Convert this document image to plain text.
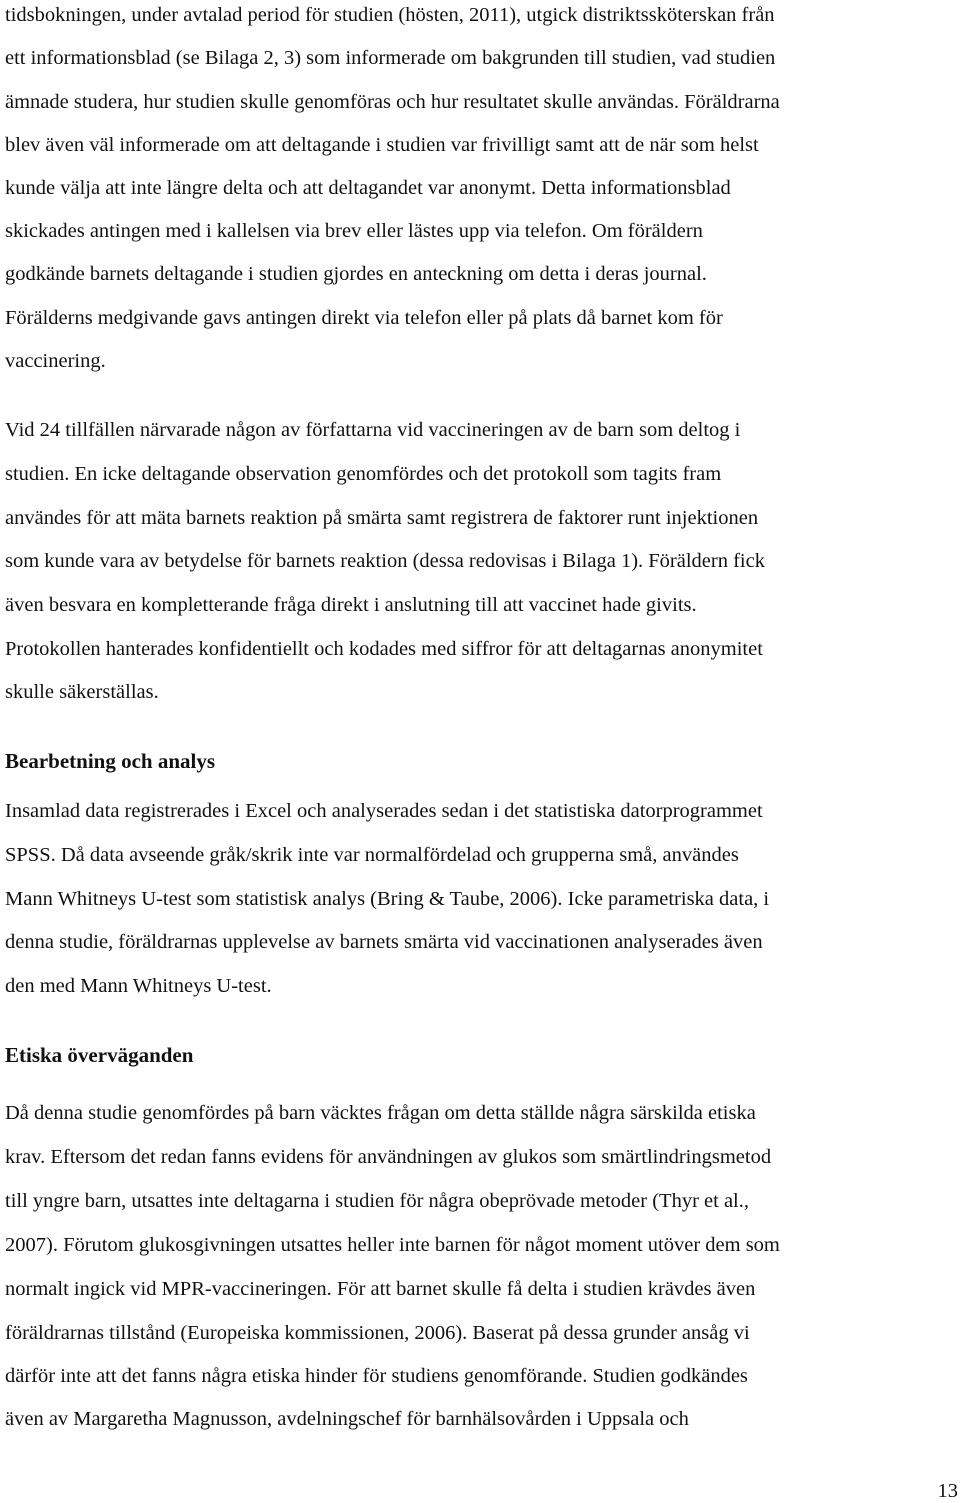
tidsbokningen, under avtalad period för studien (hösten, 2011), utgick distriktssköterskan från
ett informationsblad (se Bilaga 2, 3) som informerade om bakgrunden till studien, vad studien
ämnade studera, hur studien skulle genomföras och hur resultatet skulle användas. Föräldrarna
blev även väl informerade om att deltagande i studien var frivilligt samt att de när som helst
kunde välja att inte längre delta och att deltagandet var anonymt. Detta informationsblad
skickades antingen med i kallelsen via brev eller lästes upp via telefon. Om föräldern
godkände barnets deltagande i studien gjordes en anteckning om detta i deras journal.
Förälderns medgivande gavs antingen direkt via telefon eller på plats då barnet kom för
vaccinering.
Vid 24 tillfällen närvarade någon av författarna vid vaccineringen av de barn som deltog i
studien. En icke deltagande observation genomfördes och det protokoll som tagits fram
användes för att mäta barnets reaktion på smärta samt registrera de faktorer runt injektionen
som kunde vara av betydelse för barnets reaktion (dessa redovisas i Bilaga 1). Föräldern fick
även besvara en kompletterande fråga direkt i anslutning till att vaccinet hade givits.
Protokollen hanterades konfidentiellt och kodades med siffror för att deltagarnas anonymitet
skulle säkerställas.
Bearbetning och analys
Insamlad data registrerades i Excel och analyserades sedan i det statistiska datorprogrammet
SPSS. Då data avseende gråk/skrik inte var normalfördelad och grupperna små, användes
Mann Whitneys U-test som statistisk analys (Bring & Taube, 2006). Icke parametriska data, i
denna studie, föräldrarnas upplevelse av barnets smärta vid vaccinationen analyserades även
den med Mann Whitneys U-test.
Etiska överväganden
Då denna studie genomfördes på barn väcktes frågan om detta ställde några särskilda etiska
krav. Eftersom det redan fanns evidens för användningen av glukos som smärtlindringsmetod
till yngre barn, utsattes inte deltagarna i studien för några obeprövade metoder (Thyr et al.,
2007). Förutom glukosgivningen utsattes heller inte barnen för något moment utöver dem som
normalt ingick vid MPR-vaccineringen. För att barnet skulle få delta i studien krävdes även
föräldrarnas tillstånd (Europeiska kommissionen, 2006). Baserat på dessa grunder ansåg vi
därför inte att det fanns några etiska hinder för studiens genomförande. Studien godkändes
även av Margaretha Magnusson, avdelningschef för barnhälsovården i Uppsala och
13
